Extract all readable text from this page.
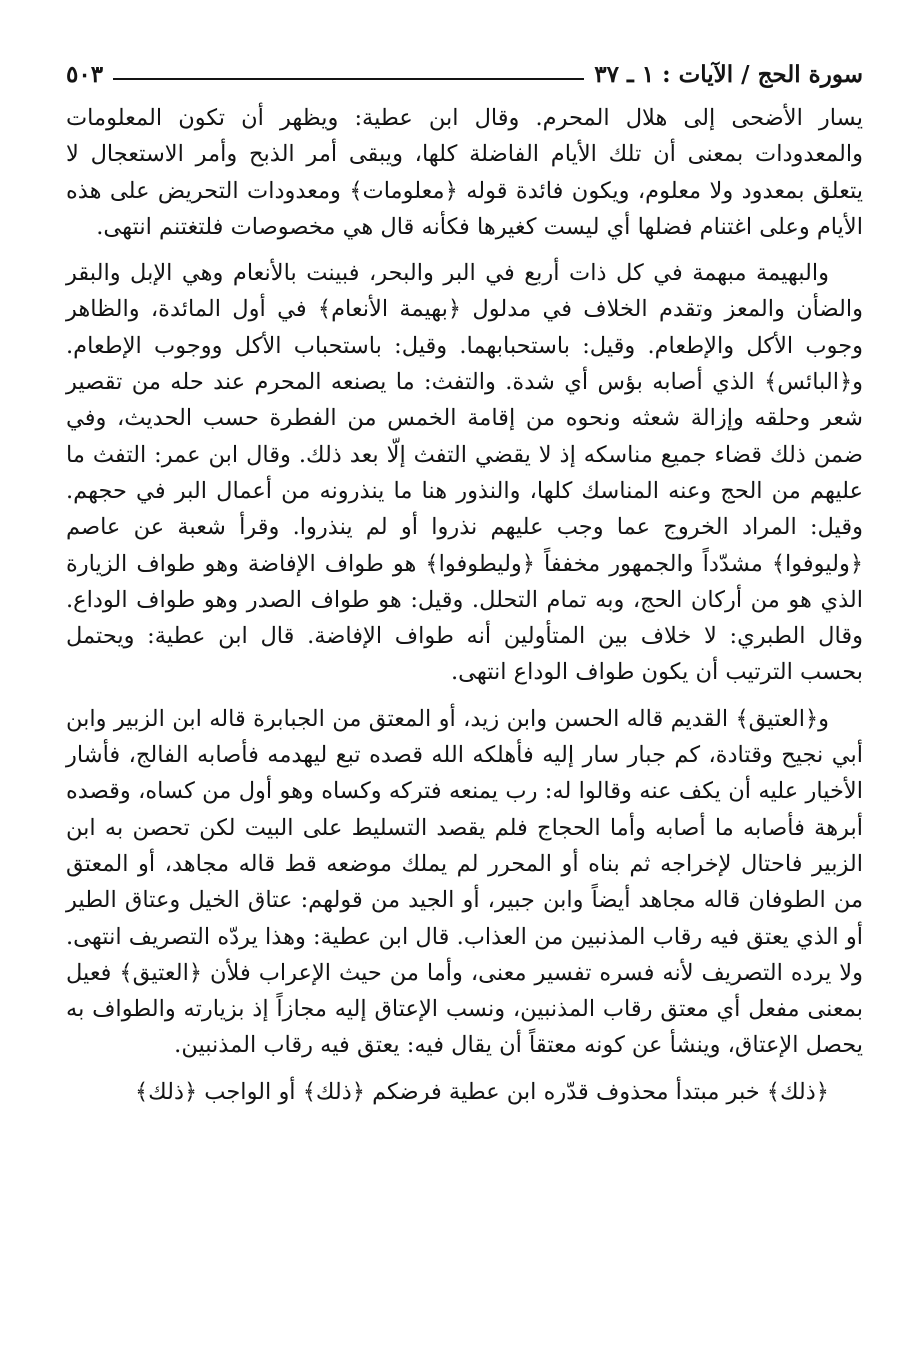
سورة الحج / الآيات : ١ ـ ٣٧
٥٠٣

يسار الأضحى إلى هلال المحرم. وقال ابن عطية: ويظهر أن تكون المعلومات والمعدودات بمعنى أن تلك الأيام الفاضلة كلها، ويبقى أمر الذبح وأمر الاستعجال لا يتعلق بمعدود ولا معلوم، ويكون فائدة قوله ﴿معلومات﴾ ومعدودات التحريض على هذه الأيام وعلى اغتنام فضلها أي ليست كغيرها فكأنه قال هي مخصوصات فلتغتنم انتهى.

والبهيمة مبهمة في كل ذات أربع في البر والبحر، فبينت بالأنعام وهي الإبل والبقر والضأن والمعز وتقدم الخلاف في مدلول ﴿بهيمة الأنعام﴾ في أول المائدة، والظاهر وجوب الأكل والإطعام. وقيل: باستحبابهما. وقيل: باستحباب الأكل ووجوب الإطعام. و﴿البائس﴾ الذي أصابه بؤس أي شدة. والتفث: ما يصنعه المحرم عند حله من تقصير شعر وحلقه وإزالة شعثه ونحوه من إقامة الخمس من الفطرة حسب الحديث، وفي ضمن ذلك قضاء جميع مناسكه إذ لا يقضي التفث إلّا بعد ذلك. وقال ابن عمر: التفث ما عليهم من الحج وعنه المناسك كلها، والنذور هنا ما ينذرونه من أعمال البر في حجهم. وقيل: المراد الخروج عما وجب عليهم نذروا أو لم ينذروا. وقرأ شعبة عن عاصم ﴿وليوفوا﴾ مشدّداً والجمهور مخففاً ﴿وليطوفوا﴾ هو طواف الإفاضة وهو طواف الزيارة الذي هو من أركان الحج، وبه تمام التحلل. وقيل: هو طواف الصدر وهو طواف الوداع. وقال الطبري: لا خلاف بين المتأولين أنه طواف الإفاضة. قال ابن عطية: ويحتمل بحسب الترتيب أن يكون طواف الوداع انتهى.

و﴿العتيق﴾ القديم قاله الحسن وابن زيد، أو المعتق من الجبابرة قاله ابن الزبير وابن أبي نجيح وقتادة، كم جبار سار إليه فأهلكه الله قصده تبع ليهدمه فأصابه الفالج، فأشار الأخيار عليه أن يكف عنه وقالوا له: رب يمنعه فتركه وكساه وهو أول من كساه، وقصده أبرهة فأصابه ما أصابه وأما الحجاج فلم يقصد التسليط على البيت لكن تحصن به ابن الزبير فاحتال لإخراجه ثم بناه أو المحرر لم يملك موضعه قط قاله مجاهد، أو المعتق من الطوفان قاله مجاهد أيضاً وابن جبير، أو الجيد من قولهم: عتاق الخيل وعتاق الطير أو الذي يعتق فيه رقاب المذنبين من العذاب. قال ابن عطية: وهذا يردّه التصريف انتهى. ولا يرده التصريف لأنه فسره تفسير معنى، وأما من حيث الإعراب فلأن ﴿العتيق﴾ فعيل بمعنى مفعل أي معتق رقاب المذنبين، ونسب الإعتاق إليه مجازاً إذ بزيارته والطواف به يحصل الإعتاق، وينشأ عن كونه معتقاً أن يقال فيه: يعتق فيه رقاب المذنبين.

﴿ذلك﴾ خبر مبتدأ محذوف قدّره ابن عطية فرضكم ﴿ذلك﴾ أو الواجب ﴿ذلك﴾
